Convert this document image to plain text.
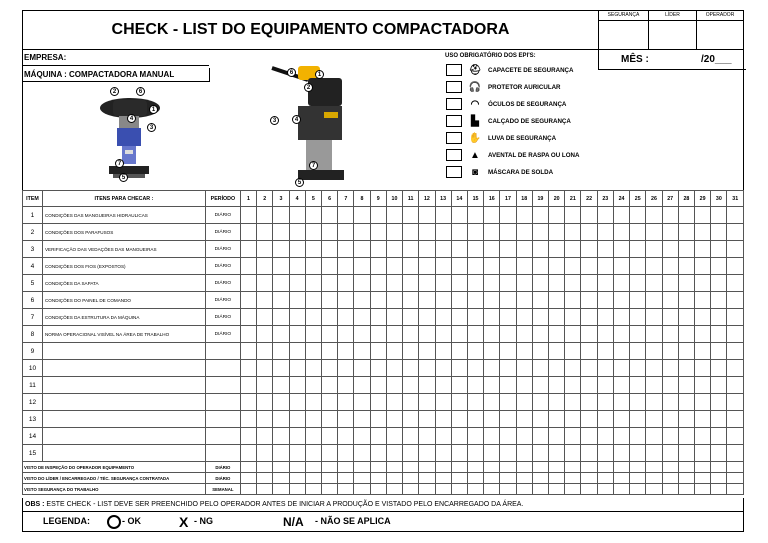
CHECK - LIST DO EQUIPAMENTO COMPACTADORA
SEGURANÇA	LÍDER	OPERADOR
EMPRESA:
MÁQUINA : COMPACTADORA MANUAL
2	6
1
4
3
7
5
6	1
2
3	4
7
5
USO OBRIGATÓRIO DOS EPI'S:
⛑ CAPACETE DE SEGURANÇA
🎧 PROTETOR AURICULAR
◠	ÓCULOS DE SEGURANÇA
▙	CALÇADO DE SEGURANÇA
✋ LUVA DE SEGURANÇA
▲	AVENTAL DE RASPA OU LONA
◙	MÁSCARA DE SOLDA
MÊS :	/20___
ITEM	ITENS PARA CHECAR :	PERÍODO	1	2	3	4	5	6	7	8	9	10	11	12	13	14	15	16	17	18	19	20	21	22	23	24	25	26	27	28	29	30	31
1	CONDIÇÕES DAS MANGUEIRAS HIDRAULICAS	DIÁRIO																															
2	CONDIÇÕES DOS PARAFUSOS	DIÁRIO																															
3	VERIFICAÇÃO DAS VEDAÇÕES DAS MANGUEIRAS	DIÁRIO																															
4	CONDIÇÕES DOS FIOS (EXPOSTOS)	DIÁRIO																															
5	CONDIÇÕES DA SAPATA	DIÁRIO																															
6	CONDIÇÕES DO PAINEL DE COMANDO	DIÁRIO																															
7	CONDIÇÕES DA ESTRUTURA DA MÁQUINA	DIÁRIO																															
8	NORMA OPERACIONAL VISÍVEL NA ÁREA DE TRABALHO	DIÁRIO																															
9																																	
10																																	
11																																	
12																																	
13																																	
14																																	
15																																	
VISTO DE INSPEÇÃO DO OPERADOR EQUIPAMENTO		DIÁRIO																															
VISTO DO LÍDER / ENCARREGADO / TÉC. SEGURANÇA CONTRATADA		DIÁRIO																															
VISTO SEGURANÇA DO TRABALHO		SEMANAL																															
OBS :
ESTE CHECK - LIST DEVE SER PREENCHIDO PELO OPERADOR ANTES DE INICIAR A PRODUÇÃO E VISTADO PELO ENCARREGADO DA ÁREA.
LEGENDA:	- OK	X - NG	N/A - NÃO SE APLICA
